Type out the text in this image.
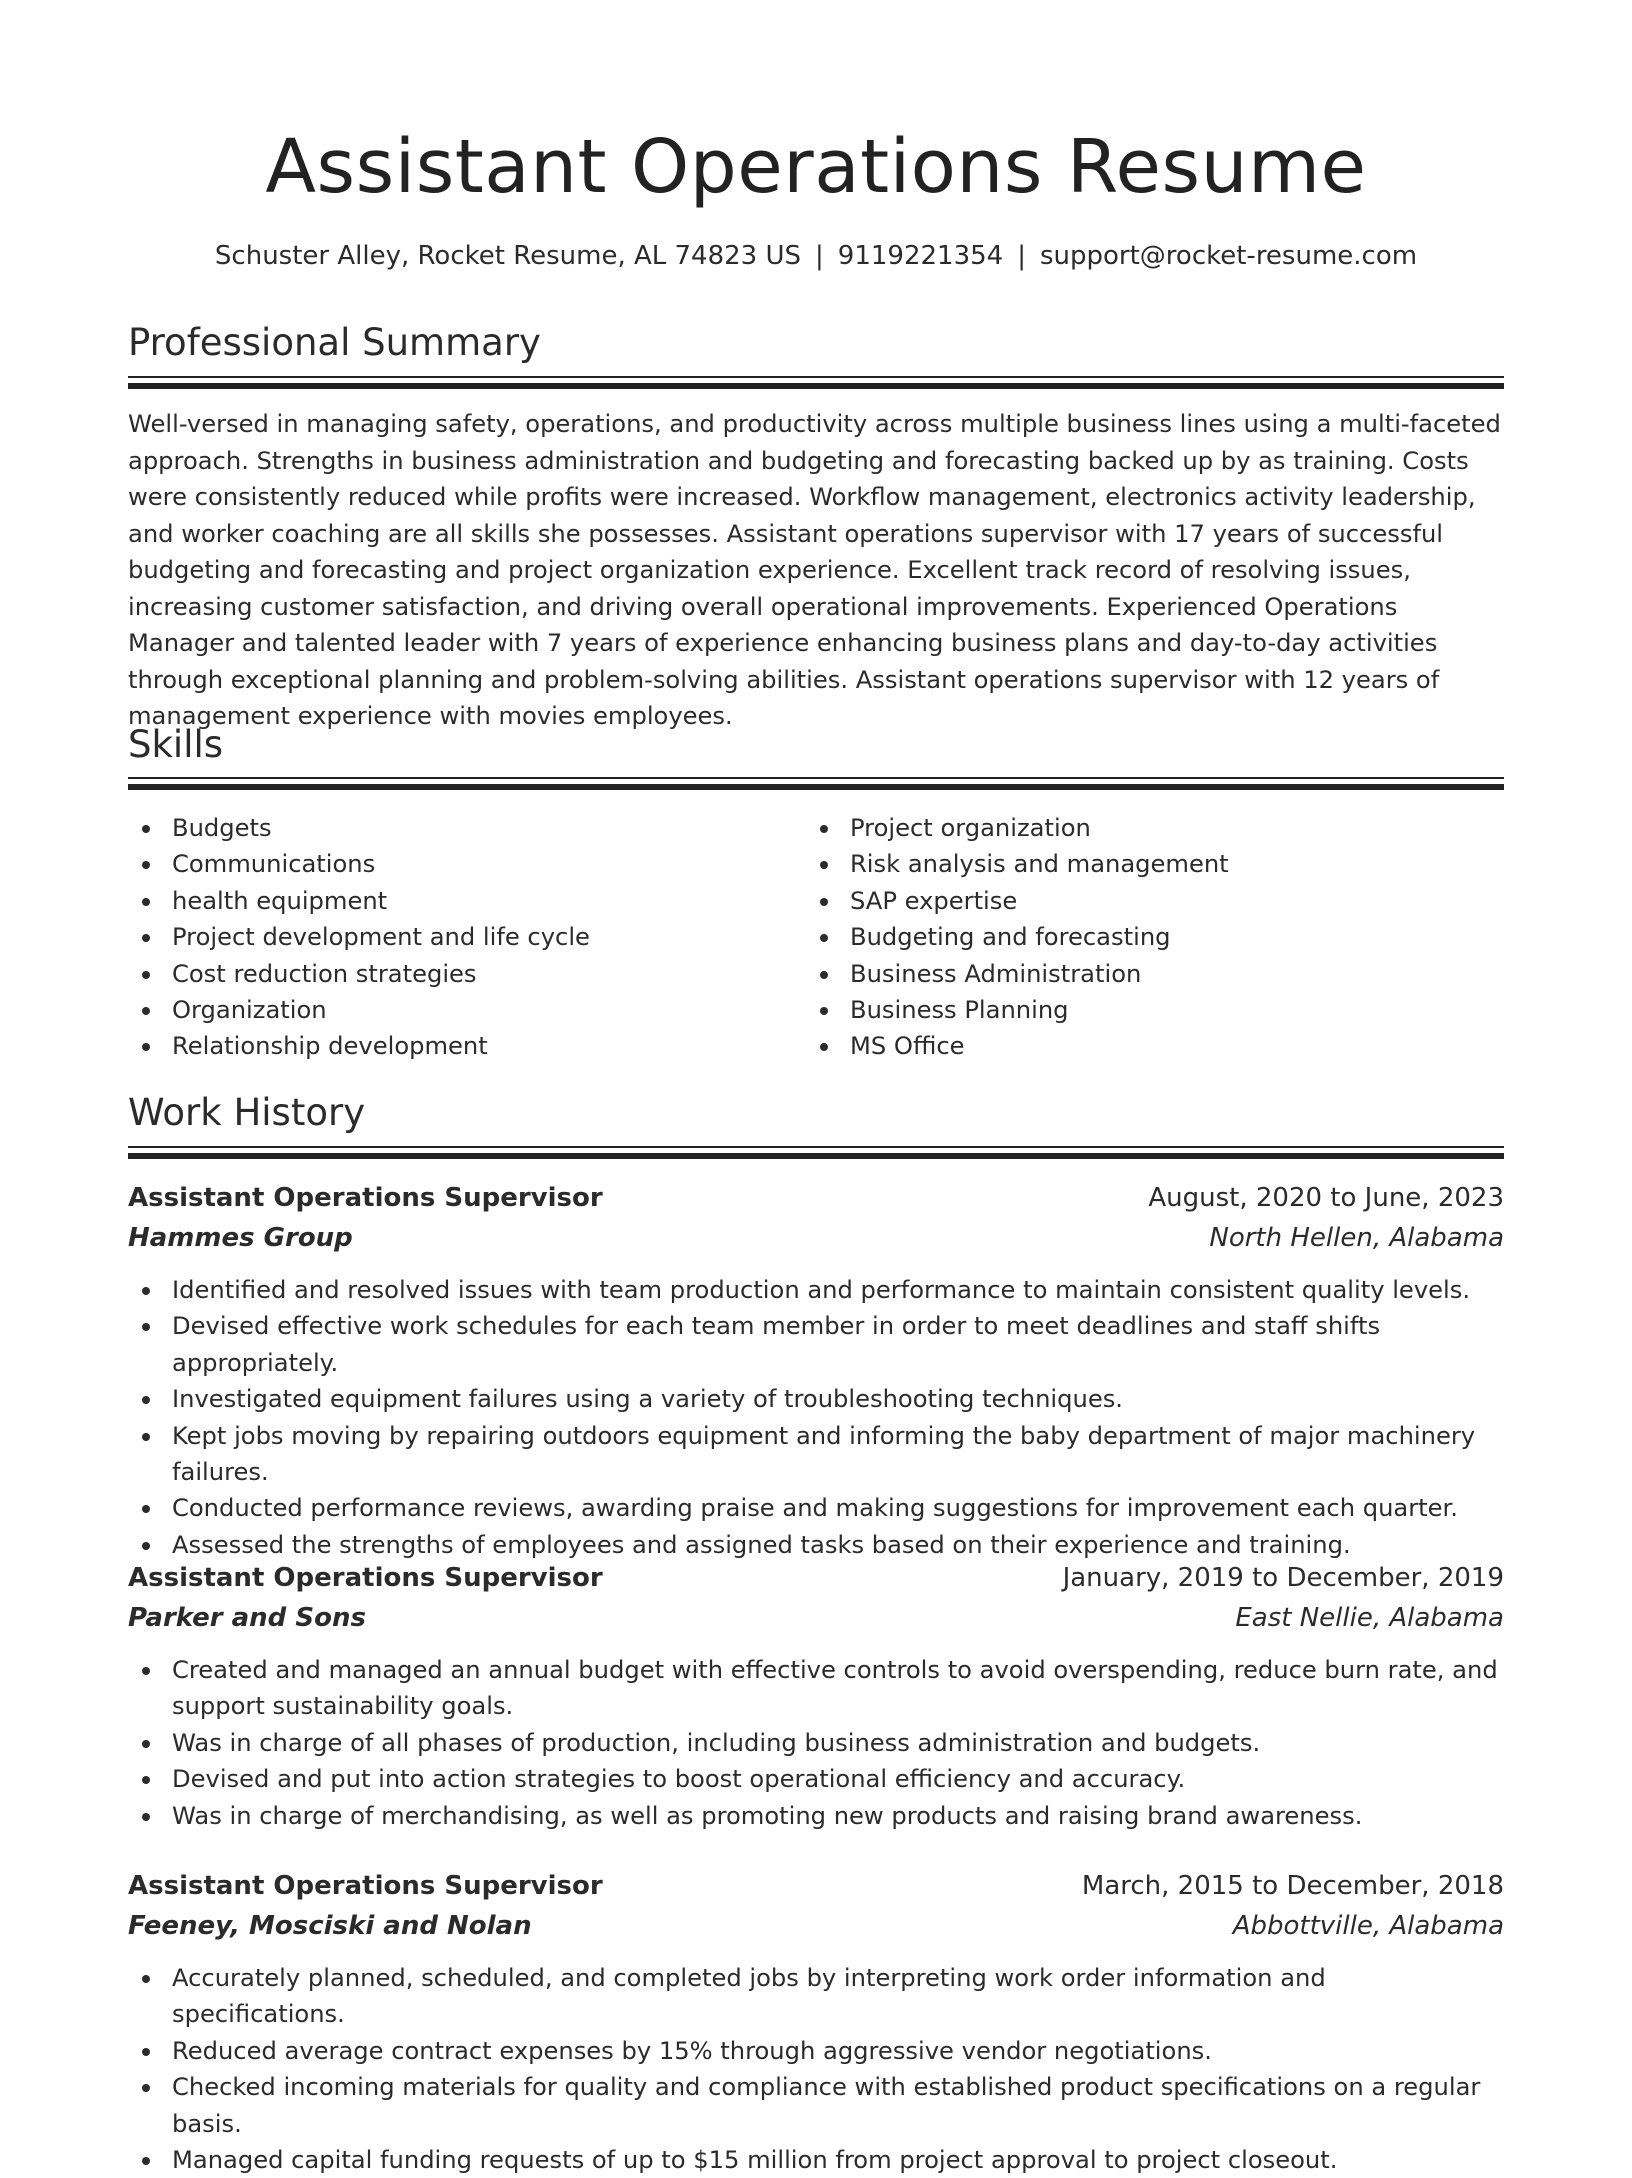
Assistant Operations Resume
Schuster Alley, Rocket Resume, AL 74823 US | 9119221354 | support@rocket-resume.com
Professional Summary

Well-versed in managing safety, operations, and productivity across multiple business lines using a multi-faceted approach. Strengths in business administration and budgeting and forecasting backed up by as training. Costs were consistently reduced while profits were increased. Workflow management, electronics activity leadership, and worker coaching are all skills she possesses. Assistant operations supervisor with 17 years of successful budgeting and forecasting and project organization experience. Excellent track record of resolving issues, increasing customer satisfaction, and driving overall operational improvements. Experienced Operations Manager and talented leader with 7 years of experience enhancing business plans and day-to-day activities through exceptional planning and problem-solving abilities. Assistant operations supervisor with 12 years of management experience with movies employees.

Skills
Budgets
Communications
health equipment
Project development and life cycle
Cost reduction strategies
Organization
Relationship development
Project organization
Risk analysis and management
SAP expertise
Budgeting and forecasting
Business Administration
Business Planning
MS Office
Work History
Assistant Operations Supervisor	August, 2020 to June, 2023
Hammes Group	North Hellen, Alabama
Identified and resolved issues with team production and performance to maintain consistent quality levels.
Devised effective work schedules for each team member in order to meet deadlines and staff shifts appropriately.
Investigated equipment failures using a variety of troubleshooting techniques.
Kept jobs moving by repairing outdoors equipment and informing the baby department of major machinery failures.
Conducted performance reviews, awarding praise and making suggestions for improvement each quarter.
Assessed the strengths of employees and assigned tasks based on their experience and training.
Assistant Operations Supervisor	January, 2019 to December, 2019
Parker and Sons	East Nellie, Alabama
Created and managed an annual budget with effective controls to avoid overspending, reduce burn rate, and support sustainability goals.
Was in charge of all phases of production, including business administration and budgets.
Devised and put into action strategies to boost operational efficiency and accuracy.
Was in charge of merchandising, as well as promoting new products and raising brand awareness.
Assistant Operations Supervisor	March, 2015 to December, 2018
Feeney, Mosciski and Nolan	Abbottville, Alabama
Accurately planned, scheduled, and completed jobs by interpreting work order information and specifications.
Reduced average contract expenses by 15% through aggressive vendor negotiations.
Checked incoming materials for quality and compliance with established product specifications on a regular basis.
Managed capital funding requests of up to $15 million from project approval to project closeout.
